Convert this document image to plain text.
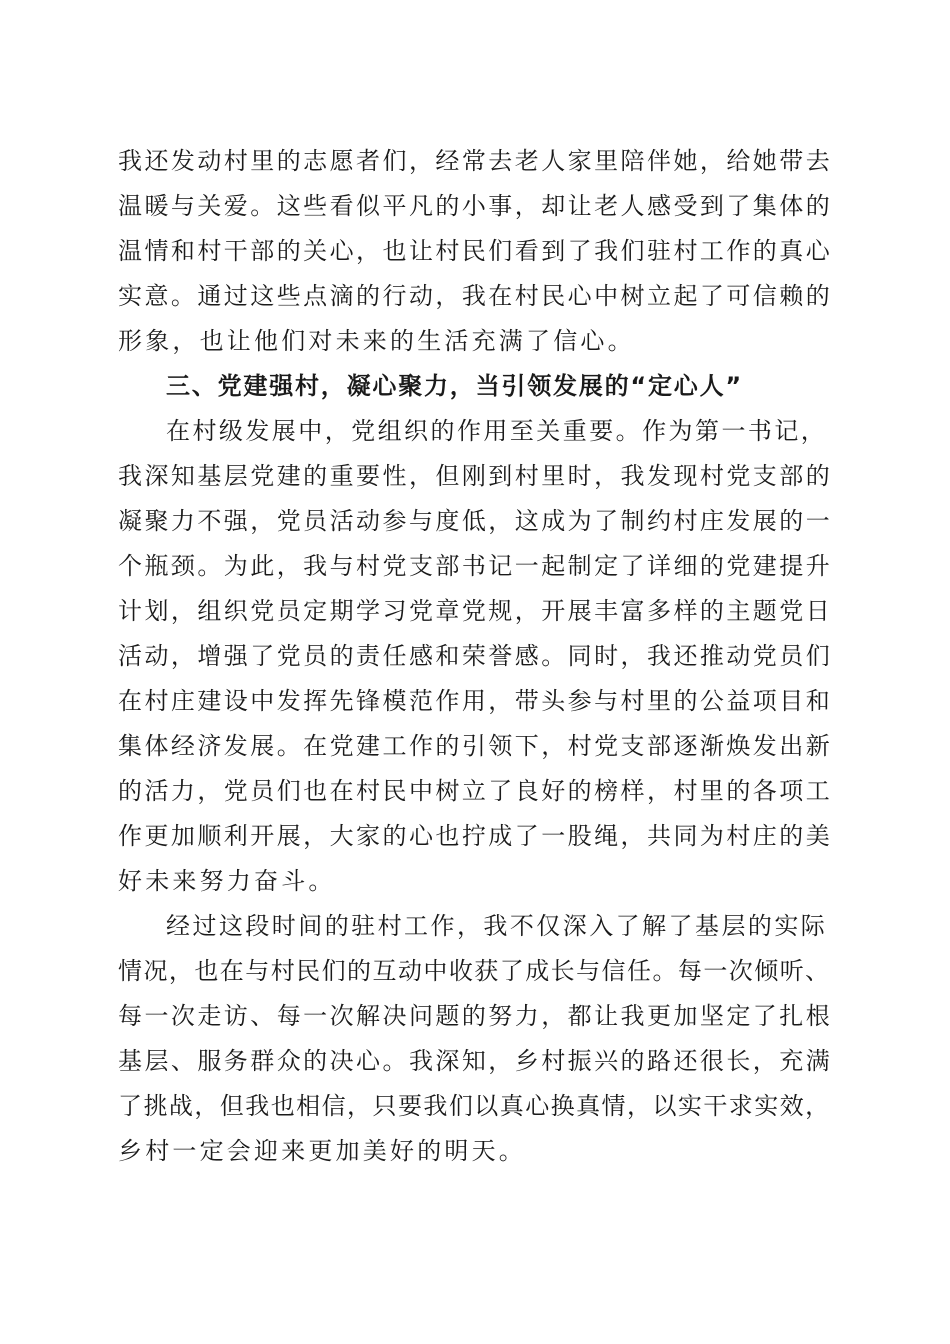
我还发动村里的志愿者们，经常去老人家里陪伴她，给她带去
温暖与关爱。这些看似平凡的小事，却让老人感受到了集体的
温情和村干部的关心，也让村民们看到了我们驻村工作的真心
实意。通过这些点滴的行动，我在村民心中树立起了可信赖的
形象，也让他们对未来的生活充满了信心。
三、党建强村，凝心聚力，当引领发展的“定心人”
在村级发展中，党组织的作用至关重要。作为第一书记，
我深知基层党建的重要性，但刚到村里时，我发现村党支部的
凝聚力不强，党员活动参与度低，这成为了制约村庄发展的一
个瓶颈。为此，我与村党支部书记一起制定了详细的党建提升
计划，组织党员定期学习党章党规，开展丰富多样的主题党日
活动，增强了党员的责任感和荣誉感。同时，我还推动党员们
在村庄建设中发挥先锋模范作用，带头参与村里的公益项目和
集体经济发展。在党建工作的引领下，村党支部逐渐焕发出新
的活力，党员们也在村民中树立了良好的榜样，村里的各项工
作更加顺利开展，大家的心也拧成了一股绳，共同为村庄的美
好未来努力奋斗。
经过这段时间的驻村工作，我不仅深入了解了基层的实际
情况，也在与村民们的互动中收获了成长与信任。每一次倾听、
每一次走访、每一次解决问题的努力，都让我更加坚定了扎根
基层、服务群众的决心。我深知，乡村振兴的路还很长，充满
了挑战，但我也相信，只要我们以真心换真情，以实干求实效，
乡村一定会迎来更加美好的明天。
